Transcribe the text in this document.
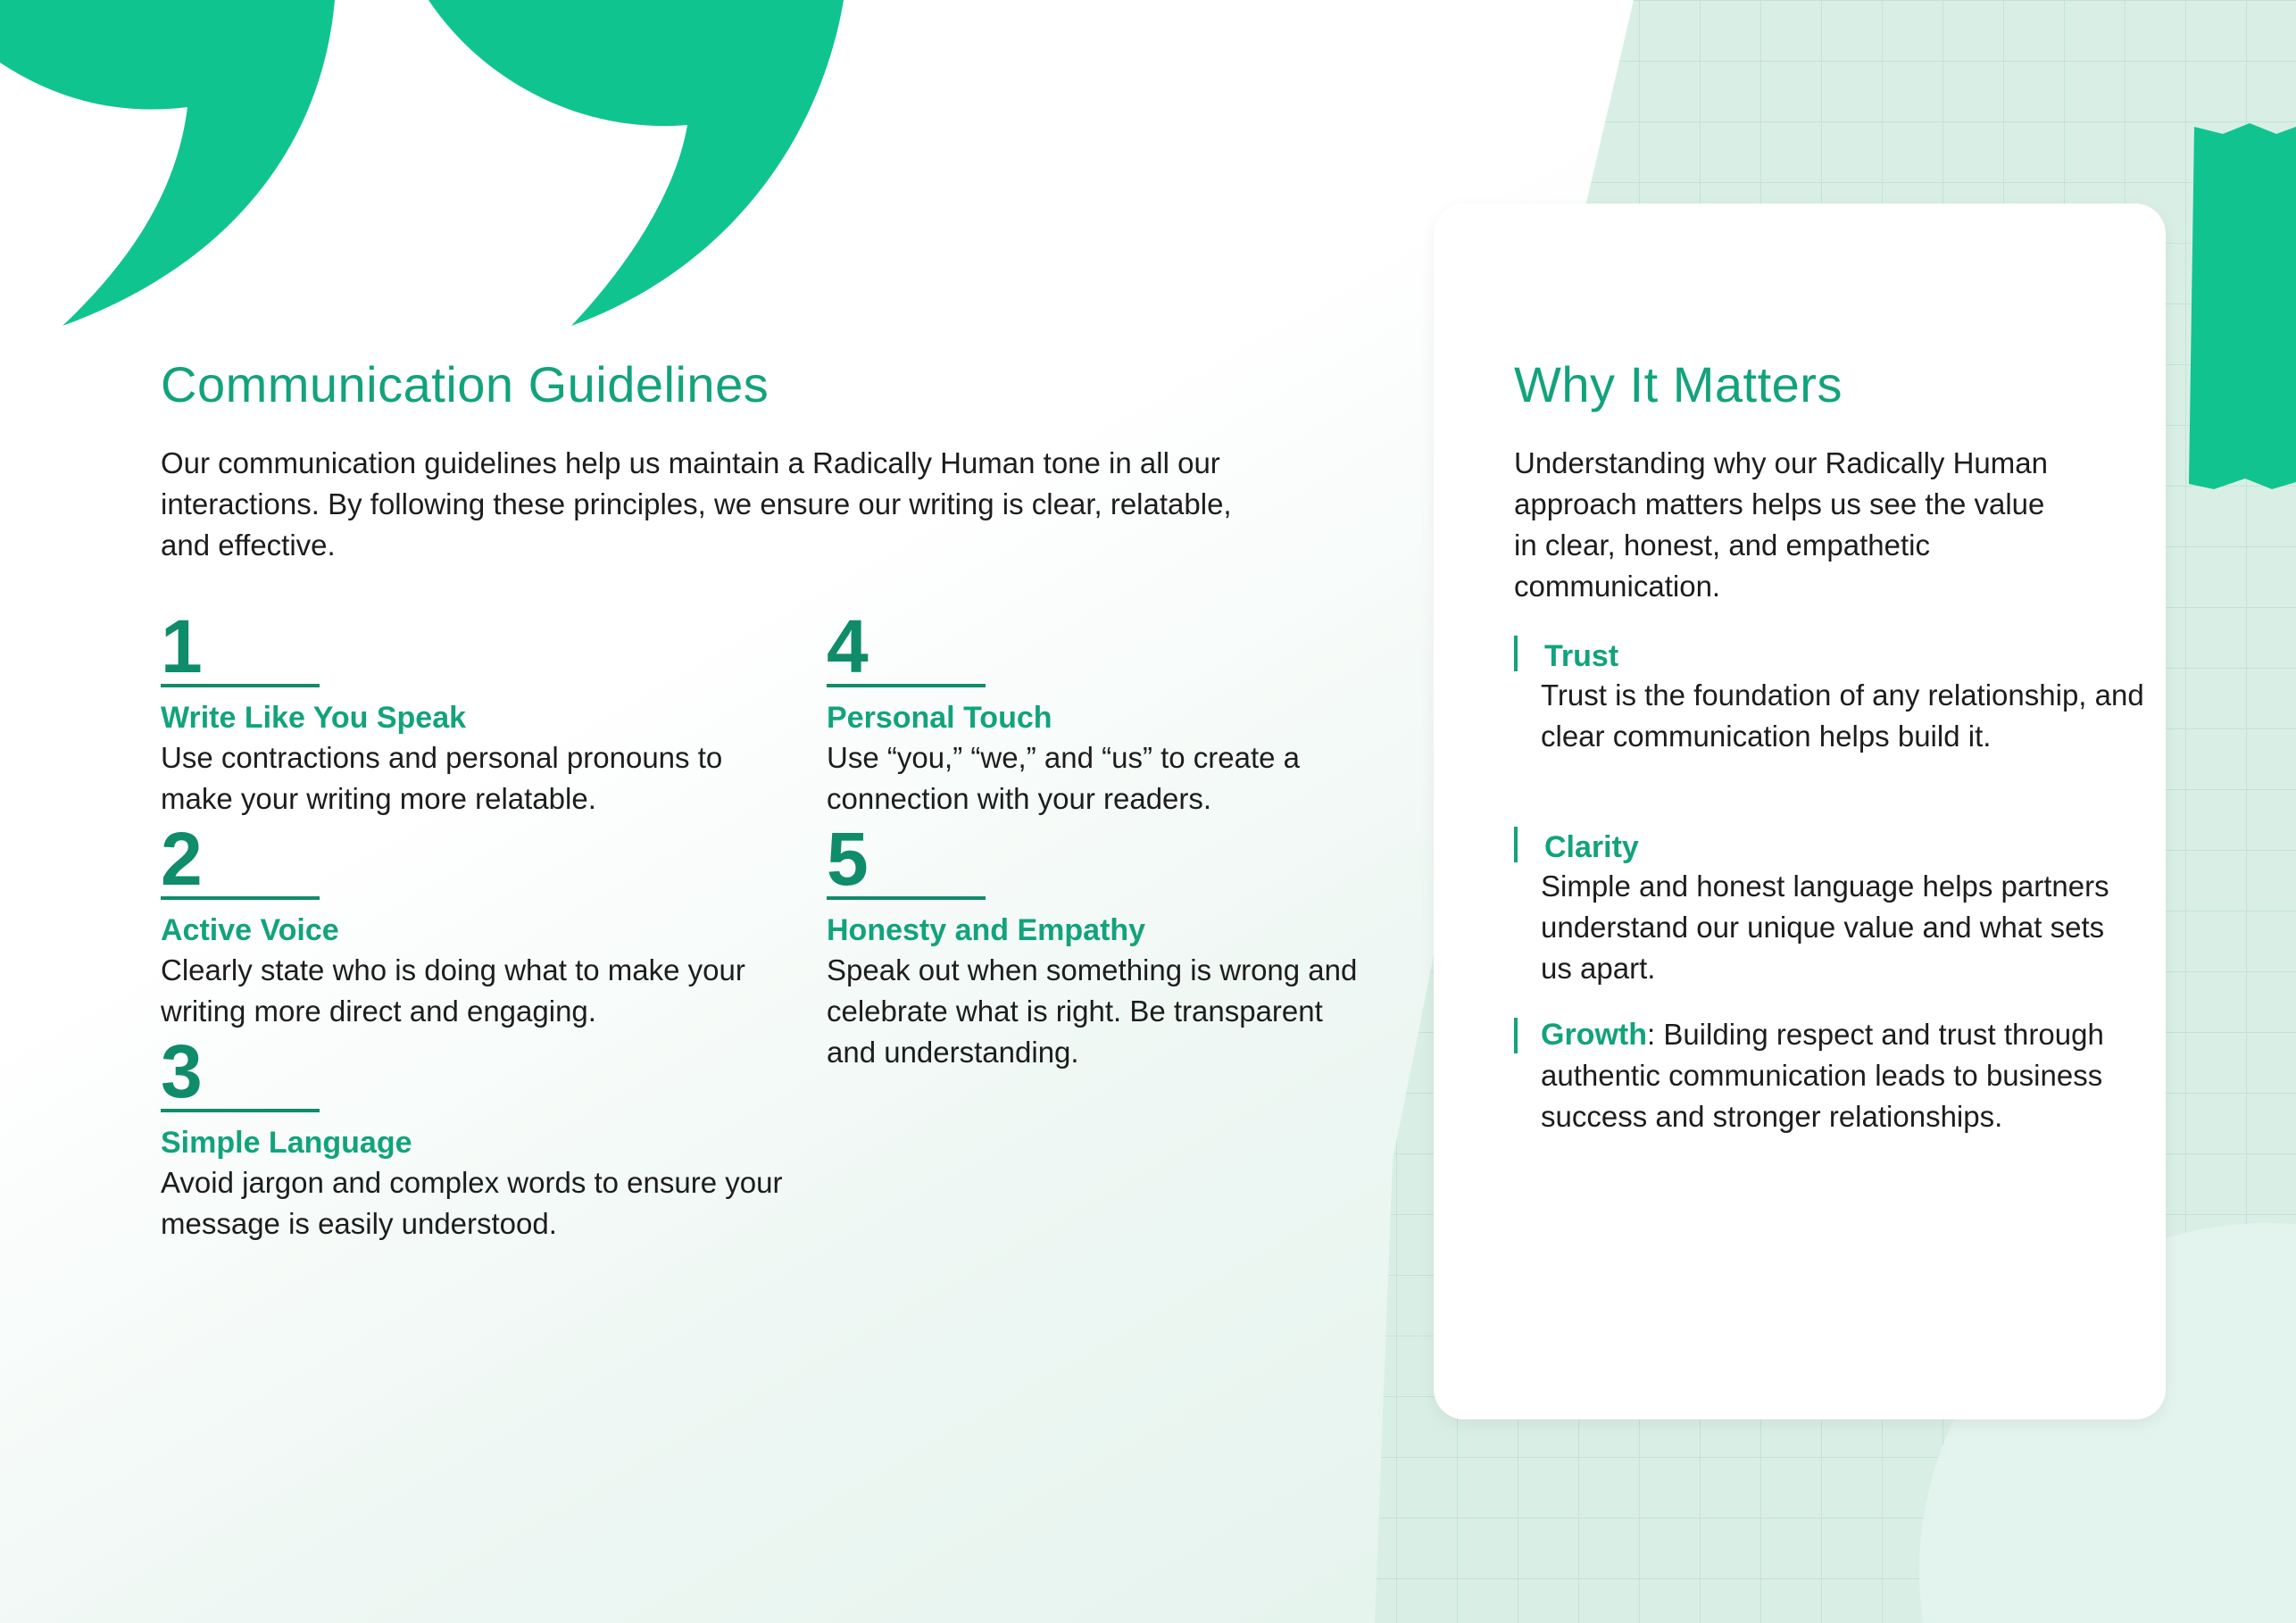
Communication Guidelines

Our communication guidelines help us maintain a Radically Human tone in all our interactions. By following these principles, we ensure our writing is clear, relatable, and effective.

1
Write Like You Speak
Use contractions and personal pronouns to make your writing more relatable.
2
Active Voice
Clearly state who is doing what to make your writing more direct and engaging.
3
Simple Language
Avoid jargon and complex words to ensure your message is easily understood.
4
Personal Touch
Use “you,” “we,” and “us” to create a connection with your readers.
5
Honesty and Empathy
Speak out when something is wrong and celebrate what is right. Be transparent and understanding.
Why It Matters

Understanding why our Radically Human approach matters helps us see the value in clear, honest, and empathetic communication.

Trust
Trust is the foundation of any relationship, and clear communication helps build it.
Clarity
Simple and honest language helps partners understand our unique value and what sets us apart.
Growth: Building respect and trust through authentic communication leads to business success and stronger relationships.
